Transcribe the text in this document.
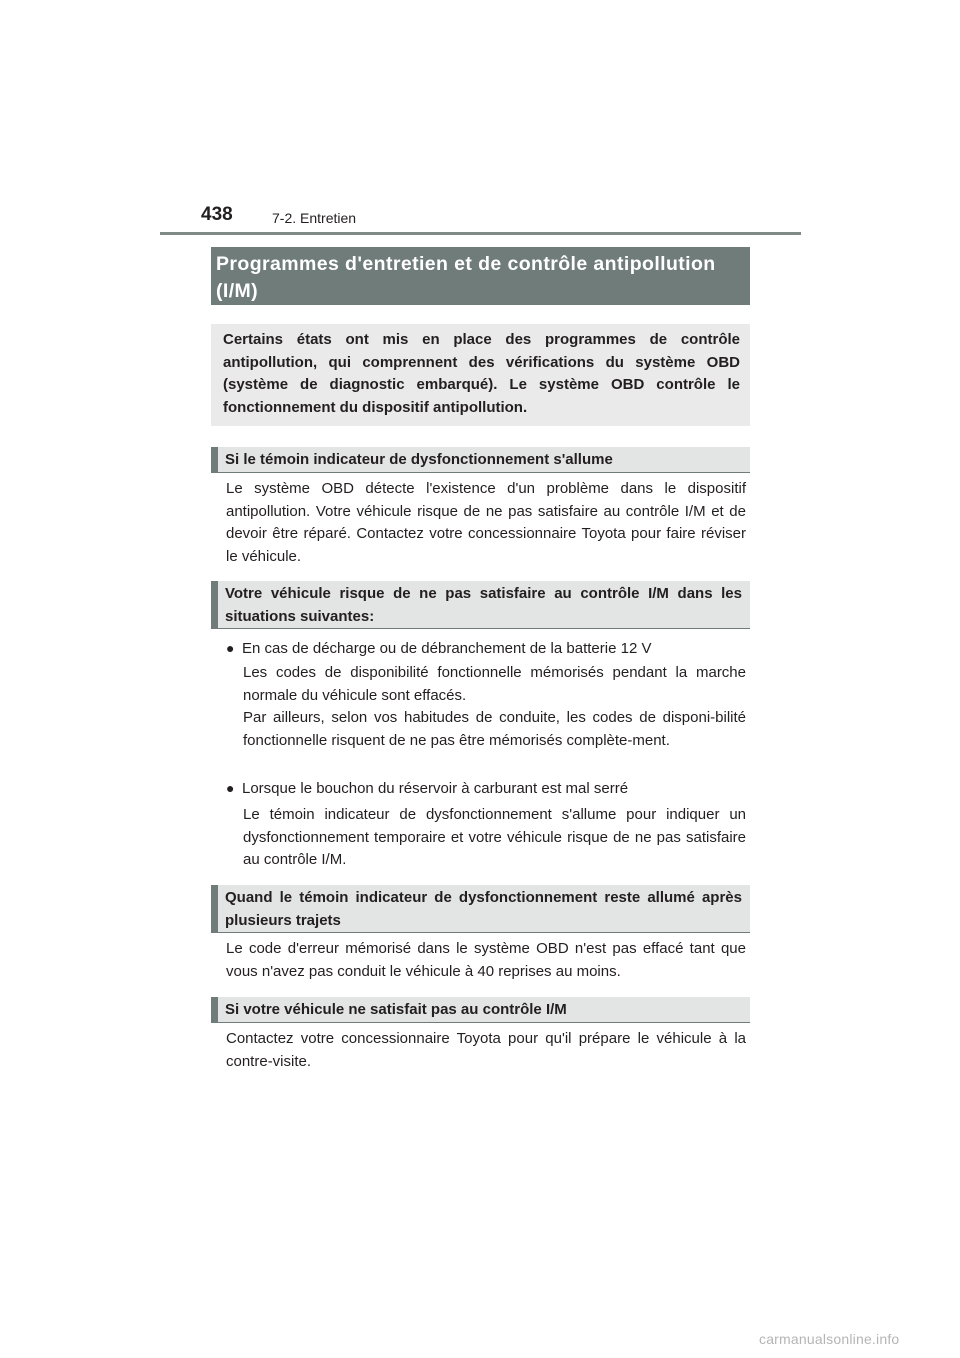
438	7-2. Entretien
Programmes d'entretien et de contrôle antipollution (I/M)
Certains états ont mis en place des programmes de contrôle antipollution, qui comprennent des vérifications du système OBD (système de diagnostic embarqué). Le système OBD contrôle le fonctionnement du dispositif antipollution.
Si le témoin indicateur de dysfonctionnement s'allume
Le système OBD détecte l'existence d'un problème dans le dispositif antipollution. Votre véhicule risque de ne pas satisfaire au contrôle I/M et de devoir être réparé. Contactez votre concessionnaire Toyota pour faire réviser le véhicule.
Votre véhicule risque de ne pas satisfaire au contrôle I/M dans les situations suivantes:
● En cas de décharge ou de débranchement de la batterie 12 V
Les codes de disponibilité fonctionnelle mémorisés pendant la marche normale du véhicule sont effacés.
Par ailleurs, selon vos habitudes de conduite, les codes de disponi-bilité fonctionnelle risquent de ne pas être mémorisés complète-ment.
● Lorsque le bouchon du réservoir à carburant est mal serré
Le témoin indicateur de dysfonctionnement s'allume pour indiquer un dysfonctionnement temporaire et votre véhicule risque de ne pas satisfaire au contrôle I/M.
Quand le témoin indicateur de dysfonctionnement reste allumé après plusieurs trajets
Le code d'erreur mémorisé dans le système OBD n'est pas effacé tant que vous n'avez pas conduit le véhicule à 40 reprises au moins.
Si votre véhicule ne satisfait pas au contrôle I/M
Contactez votre concessionnaire Toyota pour qu'il prépare le véhicule à la contre-visite.
carmanualsonline.info
